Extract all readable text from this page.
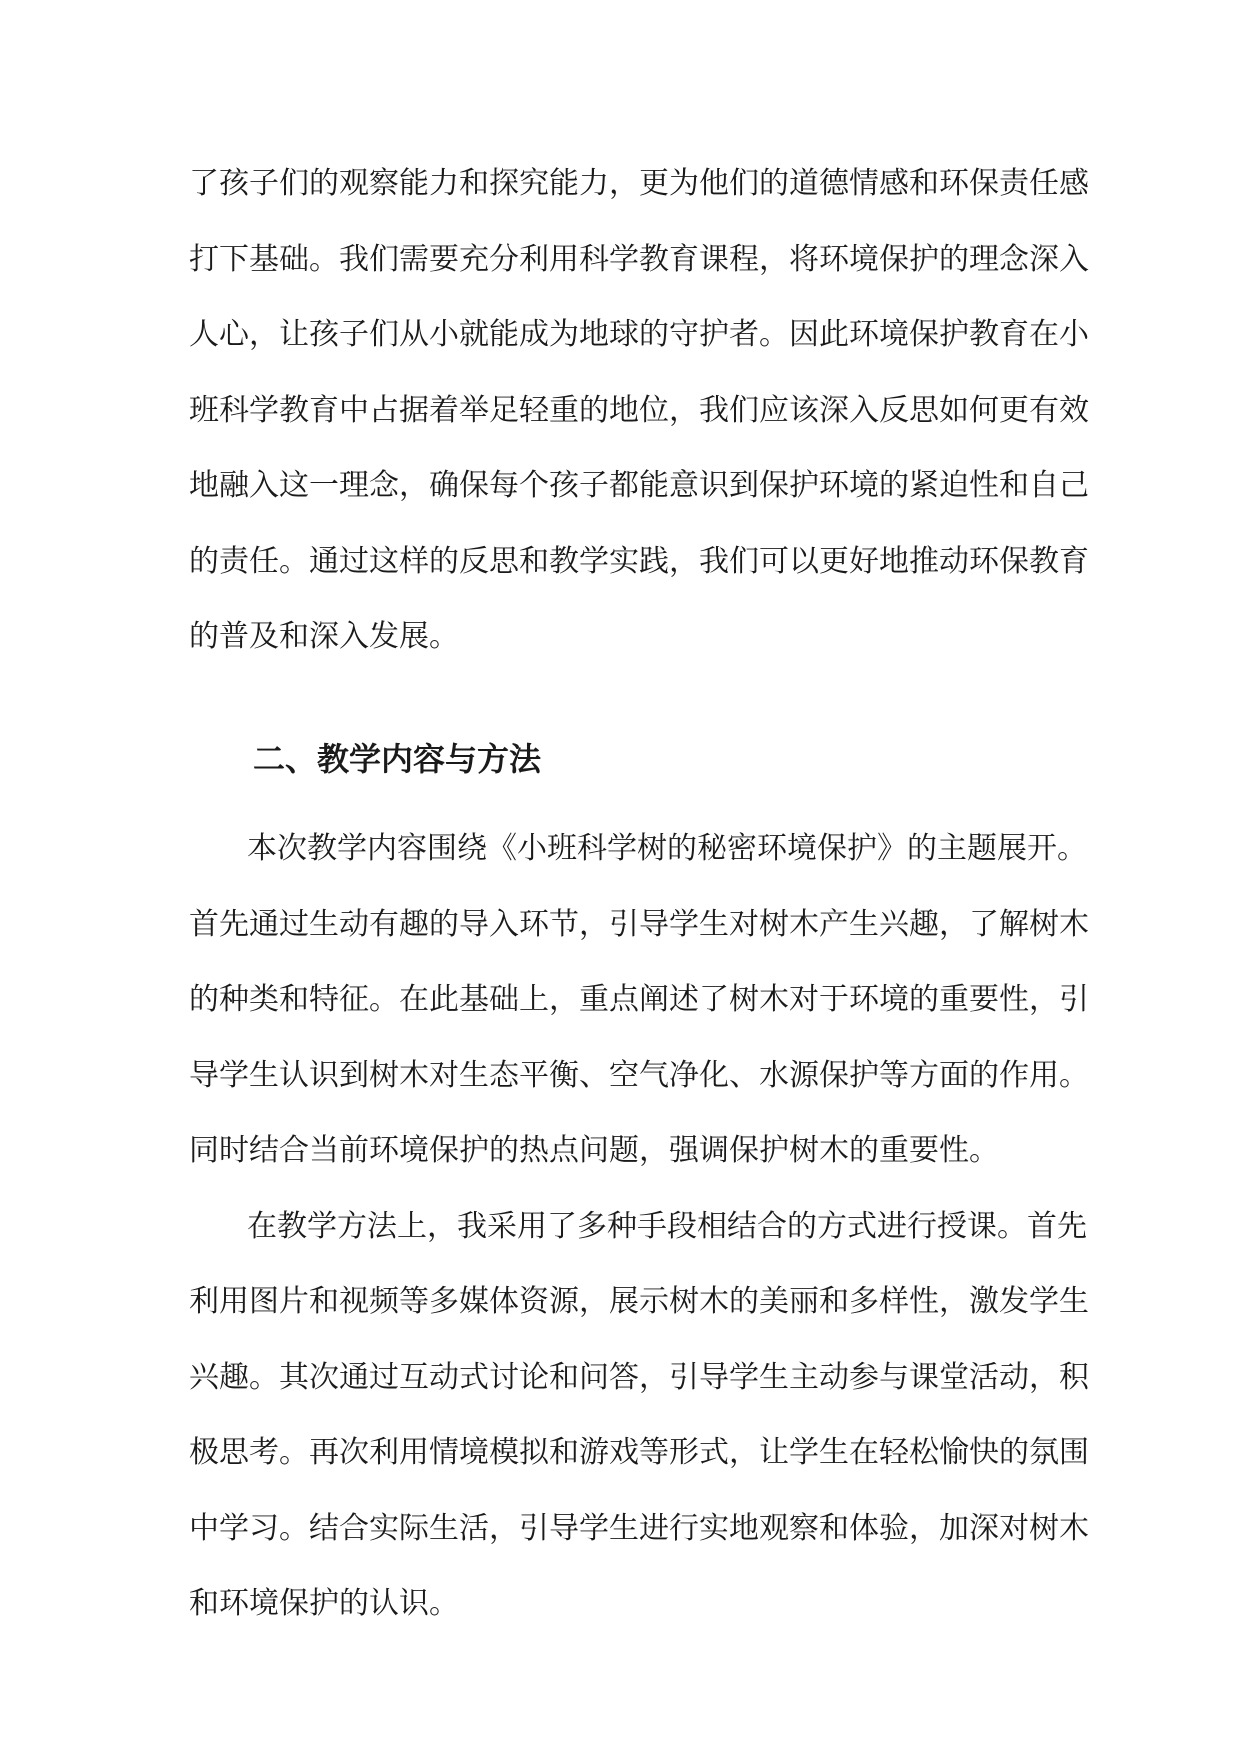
了孩子们的观察能力和探究能力，更为他们的道德情感和环保责任感
打下基础。我们需要充分利用科学教育课程，将环境保护的理念深入
人心，让孩子们从小就能成为地球的守护者。因此环境保护教育在小
班科学教育中占据着举足轻重的地位，我们应该深入反思如何更有效
地融入这一理念，确保每个孩子都能意识到保护环境的紧迫性和自己
的责任。通过这样的反思和教学实践，我们可以更好地推动环保教育
的普及和深入发展。

二、教学内容与方法

本次教学内容围绕《小班科学树的秘密环境保护》的主题展开。
首先通过生动有趣的导入环节，引导学生对树木产生兴趣，了解树木
的种类和特征。在此基础上，重点阐述了树木对于环境的重要性，引
导学生认识到树木对生态平衡、空气净化、水源保护等方面的作用。
同时结合当前环境保护的热点问题，强调保护树木的重要性。

在教学方法上，我采用了多种手段相结合的方式进行授课。首先
利用图片和视频等多媒体资源，展示树木的美丽和多样性，激发学生
兴趣。其次通过互动式讨论和问答，引导学生主动参与课堂活动，积
极思考。再次利用情境模拟和游戏等形式，让学生在轻松愉快的氛围
中学习。结合实际生活，引导学生进行实地观察和体验，加深对树木
和环境保护的认识。
